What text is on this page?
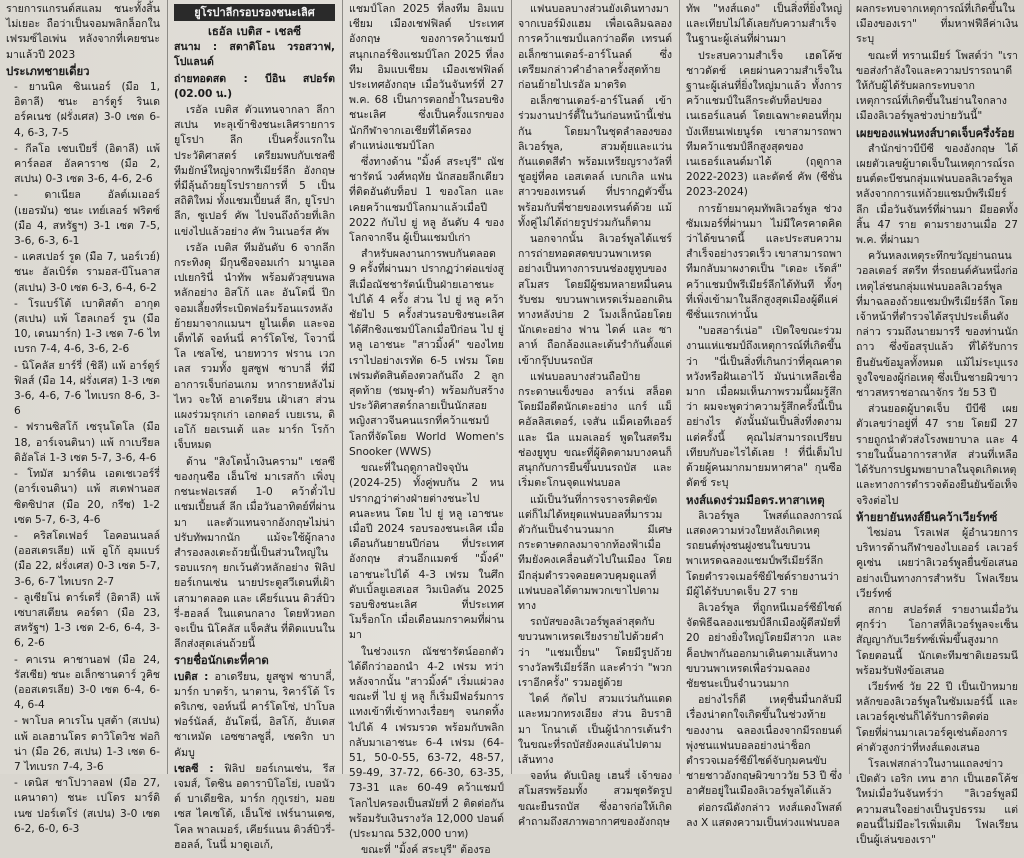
รายการแกรนด์สแลม ชนะทั้งสิ้นไม่เยอะ ถือว่าเป็นจอมพลิกล็อกในเฟรมซ์ไอเพ่น หลังจากที่เคยชนะมาแล้วปี 2023

ประเภทชายเดี่ยว

- ยานนิค ซินเนอร์ (มือ 1, อิตาลี) ชนะ อาร์ตูร์ รินเดอร์คเนช (ฝรั่งเศส) 3-0 เซต 6-4, 6-3, 7-5

- กีลโอ เซบเปียรี่ (อิตาลี) แพ้ คาร์ลอส อัลคาราซ (มือ 2, สเปน) 0-3 เซต 3-6, 4-6, 2-6

- ดาเนียล อัลต์เมเออร์ (เยอรมัน) ชนะ เทย์เลอร์ ฟริตซ์ (มือ 4, สหรัฐฯ) 3-1 เซต 7-5, 3-6, 6-3, 6-1

- แคสเปอร์ รูด (มือ 7, นอร์เวย์) ชนะ อัลเบิร์ต รามอส-บีโนลาส (สเปน) 3-0 เซต 6-3, 6-4, 6-2

- โรแบร์โต้ เบาติสต้า อากุต (สเปน) แพ้ โฮลเกอร์ รูน (มือ 10, เดนมาร์ก) 1-3 เซต 7-6 ไทเบรก 7-4, 4-6, 3-6, 2-6

- นิโคลัส ยาร์รี่ (ชิลี) แพ้ อาร์ตูร์ ฟิลส์ (มือ 14, ฝรั่งเศส) 1-3 เซต 3-6, 4-6, 7-6 ไทเบรก 8-6, 3-6

- ฟรานซิสโก้ เซรุนโดโล (มือ 18, อาร์เจนตินา) แพ้ กาเบรียล ดิอัลโล่ 1-3 เซต 5-7, 3-6, 4-6

- โทมัส มาร์ติน เอตเชเวอร์รี่ (อาร์เจนตินา) แพ้ สเตฟานอส ซิตซิปาส (มือ 20, กรีซ) 1-2 เซต 5-7, 6-3, 4-6

- คริสโตเฟอร์ โอคอนเนลล์ (ออสเตรเลีย) แพ้ อูโก้ อุมแบร์ (มือ 22, ฝรั่งเศส) 0-3 เซต 5-7, 3-6, 6-7 ไทเบรก 2-7

- ลูเซียโน่ ดาร์เดรี่ (อิตาลี) แพ้ เซบาสเตียน คอร์ดา (มือ 23, สหรัฐฯ) 1-3 เซต 2-6, 6-4, 3-6, 2-6

- คาเรน คาชานอฟ (มือ 24, รัสเซีย) ชนะ อเล็กซานดาร์ วูคิช (ออสเตรเลีย) 3-0 เซต 6-4, 6-4, 6-4

- พาโบล คาเรโน บุสต้า (สเปน) แพ้ อเลฮานโดร ดาวิโดวิช ฟอกิน่า (มือ 26, สเปน) 1-3 เซต 6-7 ไทเบรก 7-4, 3-6

- เดนิส ชาโปวาลอฟ (มือ 27, แคนาดา) ชนะ เปโดร มาร์ติเนซ ปอร์เตโร่ (สเปน) 3-0 เซต 6-2, 6-0, 6-3

ยูโรปาลีกรอบรองชนะเลิศ

เธอัล เบติส - เชลซี

สนาม : สตาดิโอน วรอสวาฟ, โปแลนด์

ถ่ายทอดสด : บีอิน สปอร์ต (02.00 น.)

เรอัล เบติส ตัวแทนจากลา ลีกา สเปน ทะลุเข้าชิงชนะเลิศรายการยูโรปา ลีก เป็นครั้งแรกในประวัติศาสตร์ เตรียมพบกับเชลซี ทีมยักษ์ใหญ่จากพรีเมียร์ลีก อังกฤษ ที่มีลุ้นถ้วยยุโรปรายการที่ 5 เป็นสถิติใหม่ ทั้งแชมเปี้ยนส์ ลีก, ยูโรปา ลีก, ซูเปอร์ คัพ ไปจนถึงถ้วยที่เลิกแข่งไปแล้วอย่าง คัพ วินเนอร์ส คัพ

เรอัล เบติส ทีมอันดับ 6 จากลีกกระทิงดุ มีกุนซือจอมเก๋า มานูเอล เปเยกรินี่ นำทัพ พร้อมตัวสุขนพลหลักอย่าง อิสโก้ และ อันโตนี่ ปีกจอมเลี้ยงที่ระเบิดฟอร์มร้อนแรงหลังย้ายมาจากแมนฯ ยูไนเต็ด และจอเด็ทได้ จอห์นนี่ คาร์โดโซ่, โจวานี่ โล เซลโซ่, นายทวาร ฟราน เวกเลส รวมทั้ง ยูสซูฟ ซาบาลี่ ที่มีอาการเจ็บก่อนเกม หากรายหลังไม่ไหว จะให้ อาเดรียน เฝ้าเสา ส่วนแผงร่วมรุกเก่า เอกตอร์ เบยเรน, ดิเอโก้ ยอเรนเต้ และ มาร์ก โรก้า เจ็บหมด

ด้าน "สิงโตน้ำเงินคราม" เชลซี ของกุนซือ เอ็นโซ่ มาเรสก้า เพิ่งบุกชนะฟอเรสต์ 1-0 คว้าตั๋วไปแชมเปี้ยนส์ ลีก เมื่อวันอาทิตย์ที่ผ่านมา และตัวแทนจากอังกฤษไม่น่าปรับทัพมากนัก แม้จะใช้ผู้กลางสำรองลงเตะถ้วยนี้เป็นส่วนใหญ่ในรอบแรกๆ ยกเว้นตัวหลักอย่าง ฟิลิป ยอร์เกนเซ่น นายประตูสวีเดนที่เฝ้าเสามาตลอด และ เคียร์แนน ดิวส์บิวรี่-ฮอลล์ ในแดนกลาง โดยหัวหอกจะเป็น นิโคลัส แจ็คสัน ที่ติดแบนในลีกส่งสุดเล่นถ้วยนี้

รายชื่อนักเตะที่คาด

เบติส : อาเดรียน, ยูสซูฟ ซาบาลี่, มาร์ก บาตร้า, นาตาน, ริคาร์โด้ โรดริเกซ, จอห์นนี่ คาร์โดโซ่, ปาโบล ฟอร์นัลส์, อันโตนี่, อิสโก้, อับเดสซาเหมัด เอซซาลซูลี่, เซดริก บาคัมบู

เชลซี : ฟิลิป ยอร์เกนเซ่น, รีส เจมส์, โตซิน อดาราบิโอโย่, เบอนัวต์ บาเดียชิล, มาร์ก กุกูเรย่า, มอยเซส ไคเซโด้, เอ็นโซ่ เฟร์นานเดซ, โคล พาลเมอร์, เคียร์แนน ดิวส์บิวรี่-ฮอลล์, โนนี่ มาดูเอเก้,

แชมป์โลก 2025 ที่ลงทีม อิมแบเชียม เมืองเชฟฟิลด์ ประเทศอังกฤษ ของการคว้าแชมป์สนุกเกอร์ชิงแชมป์โลก 2025 ที่ลงทีม อิมแบเชียม เมืองเชฟฟิลด์ ประเทศอังกฤษ เมื่อวันจันทร์ที่ 27 พ.ค. 68 เป็นการตอกย้ำในรอบชิงชนะเลิศ ซึ่งเป็นครั้งแรกของนักกีฬาจากเอเชียที่ได้ครองตำแหน่งแชมป์โลก

ซึ่งทางด้าน "มิ้งค์ สระบุรี" ณัชชารัตน์ วงศ์หฤทัย นักสอยลีกเดียวที่ติดอันดับท็อป 1 ของโลก และเคยคว้าแชมป์โลกมาแล้วเมื่อปี 2022 กับไป ยู่ หลู อันดับ 4 ของโลกจากจีน ผู้เป็นแชมป์เก่า

สำหรับผลงานการพบกันตลอด 9 ครั้งที่ผ่านมา ปรากฏว่าต่อแข่งสูสีเมื่อณัชชารัตน์เป็นฝ่ายเอาชนะไปได้ 4 ครั้ง ส่วน ไป ยู่ หลู คว้าชัยไป 5 ครั้งส่วนรอบชิงชนะเลิศได้ศึกชิงแชมป์โลกเมื่อปีก่อน ไป ยู่ หลู เอาชนะ "สาวมิ้งค์" ของไทยเราไปอย่างเรทัด 6-5 เฟรม โดยเฟรมตัดสินต้องตวลกันถึง 2 ลูกสุดท้าย (ชมพู-ดำ) พร้อมกับสร้างประวัติศาสตร์กลายเป็นนักสอยหญิงสาวจีนคนแรกที่คว้าแชมป์โลกที่จัดโดย World Women's Snooker (WWS)

ขณะที่ในฤดูกาลปัจจุบัน (2024-25) ทั้งคู่พบกัน 2 หน ปรากฏว่าต่างฝ่ายต่างชนะไปคนละหน โดย ไป ยู่ หลู เอาชนะเมื่อปี 2024 รอบรองชนะเลิศ เมื่อเดือนกันยายนปีก่อน ที่ประเทศอังกฤษ ส่วนอีกแมตช์ "มิ้งค์" เอาชนะไปได้ 4-3 เฟรม ในศึกดับเบิ้ลยูเอสเอส วิมเบิลดัน 2025 รอบชิงชนะเลิศ ที่ประเทศโมร็อกโก เมื่อเดือนมกราคมที่ผ่านมา

ในช่วงแรก ณัชชารัตน์ออกตัวได้ดีกว่าออกนำ 4-2 เฟรม ทว่าหลังจากนั้น "สาวมิ้งค์" เริ่มแผ่วลง ขณะที่ ไป ยู่ หลู ก็เริ่มมีฟอร์มการแทงเข้าที่เข้าทางเรื่อยๆ จนกดทิ้งไปได้ 4 เฟรมรวด พร้อมกับพลิกกลับมาเอาชนะ 6-4 เฟรม (64-51, 50-0-55, 63-72, 48-57, 59-49, 37-72, 66-30, 63-35, 73-31 และ 60-49 คว้าแชมป์โลกไปครองเป็นสมัยที่ 2 ติดต่อกัน พร้อมรับเงินรางวัล 12,000 ปอนด์ (ประมาณ 532,000 บาท)

ขณะที่ "มิ้งค์ สระบุรี" ต้องรอ

แฟนบอลบางส่วนยังเดินทางมาจากเบอร์มิงแฮม เพื่อเฉลิมฉลองการคว้าแชมป์แลกว่าอดีต เทรนต์ อเล็กซานเดอร์-อาร์โนลด์ ซึ่งเตรียมกล่าวคำอำลาครั้งสุดท้ายก่อนย้ายไปเรอัล มาดริด

อเล็กซานเดอร์-อาร์โนลด์ เข้าร่วมงานปาร์ตี้ในวันก่อนหน้านี้เช่นกัน โดยมาในชุดลำลองของลิเวอร์พูล, สวมตุ้ยและแว่นกันแดดสีดำ พร้อมเหรียญรางวัลที่ชูอยู่ที่คอ เอสเตลล์ เบกเกิล แฟนสาวของเทรนต์ ที่ปรากฏตัวขึ้นพร้อมกับพี่ชายของเทรนต์ด้วย แม้ทั้งคู่ไม่ได้ถ่ายรูปร่วมกันก็ตาม

นอกจากนั้น ลิเวอร์พูลได้แชร์การถ่ายทอดสดขบวนพาเหรดอย่างเป็นทางการบนช่องยูทูบของสโมสร โดยมีผู้ชมหลายหมื่นคนรับชม ขบวนพาเหรดเริ่มออกเดินทางหลังบ่าย 2 โมงเล็กน้อยโดยนักเตะอย่าง ฟาน ไดค์ และ ซาลาห์ ถือกล้องและเต้นรำกันตั้งแต่เข้ากรุ๊ปบนรถบัส

แฟนบอลบางส่วนถือป้ายกระดาษแข็งของ ลาร์เน่ สล็อต โดยมีอดีตนักเตะอย่าง แกร์ แม็คอัลลิสเตอร์, เจสัน แม็คเอทีเออร์ และ นีล แมลเลอร์ พูดในสตรีมช่องยูทูบ ขณะที่ผู้ติดตามบางคนก็สนุกกับการยืนขึ้นบนรถบัส และเริ่มตะโกนจุดแฟนบอล

แม้เป็นวันที่การจราจรติดขัด แต่ก็ไม่ได้หยุดแฟนบอลที่มารวมตัวกันเป็นจำนวนมาก มีเศษกระดาษตกลงมาจากท้องฟ้าเมื่อทีมยังคงเคลื่อนตัวไปในเมือง โดยมีกลุ่มตำรวจคอยควบคุมดูแลที่แฟนบอลได้ตามพวกเขาไปตามทาง

รถบัสของลิเวอร์พูลล่าสุดกับขบวนพาเหรดเรียงรายไปด้วยคำว่า "แชมเปี้ยน" โดยมีรูปถ้วยรางวัลพรีเมียร์ลีก และคำว่า "พวกเราอีกครั้ง" รวมอยู่ด้วย

ไดค์ กัดไป สวมแว่นกันแดด และหมวกทรงเอียง ส่วน อิบราฮิมา โกนาเต้ เป็นผู้นำการเต้นรำ ในขณะที่รถบัสยังคงแล่นไปตามเส้นทาง

จอห์น ดับเบิลยู เฮนรี่ เจ้าของสโมสรพร้อมทั้ง สวมชุดรัดรูป ขณะยืนรถบัส ซึ่งอาจก่อให้เกิดคำถามถึงสภาพอากาศของอังกฤษ

ทัพ "หงส์แดง" เป็นสิ่งที่ยิ่งใหญ่ และเทียบไม่ได้เลยกับความสำเร็จในฐานะผู้เล่นที่ผ่านมา

ประสบความสำเร็จ เฮดโค้ชชาวดัตช์ เคยผ่านความสำเร็จในฐานะผู้เล่นที่ยิ่งใหญ่มาแล้ว ทั้งการคว้าแชมป์ในลีกระดับท็อปของเนเธอร์แลนด์ โดยเฉพาะตอนที่กุมบังเหียนเฟเยนูร์ด เขาสามารถพาทีมคว้าแชมป์ลีกสูงสุดของเนเธอร์แลนด์มาได้ (ฤดูกาล 2022-2023) และดัตช์ คัพ (ซีซั่น 2023-2024)

การย้ายมาคุมทัพลิเวอร์พูล ช่วงซัมเมอร์ที่ผ่านมา ไม่มีใครคาดคิดว่าได้ขนาดนี้ และประสบความสำเร็จอย่างรวดเร็ว เขาสามารถพาทีมกลับมาผงาดเป็น "เดอะ เร้ดส์" คว้าแชมป์พรีเมียร์ลีกได้ทันที ทั้งๆ ที่เพิ่งเข้ามาในลีกสูงสุดเมืองผู้ดีแค่ซีซั่นแรกเท่านั้น

"บอสอาร์เน่อ" เปิดใจขณะร่วมงานแห่แชมป์ถึงเหตุการณ์ที่เกิดขึ้นว่า "นี่เป็นสิ่งที่เกินกว่าที่คุณคาดหวังหรือฝันเอาไว้ มันน่าเหลือเชื่อมาก เมื่อผมเห็นภาพรวมนี้ผมรู้สึกว่า ผมจะพูดว่าความรู้สึกครั้งนี้เป็นอย่างไร ดังนั้นมันเป็นสิ่งที่งดงาม แต่ครั้งนี้ คุณไม่สามารถเปรียบเทียบกับอะไรได้เลย ! ที่นี่เต็มไปด้วยผู้คนมากมายมหาศาล" กุนซือดัตช์ ระบุ

หงส์แดงร่วมมือตร.หาสาเหตุ

ลิเวอร์พูล โพสต์แถลงการณ์แสดงความห่วงใยหลังเกิดเหตุรถยนต์พุ่งชนฝูงชนในขบวนพาเหรดฉลองแชมป์พรีเมียร์ลีก โดยตำรวจเมอร์ซีย์ไซด์รายงานว่า มีผู้ได้รับบาดเจ็บ 27 ราย

ลิเวอร์พูล ที่ถูกหนีเมอร์ซีย์ไซด์จัดพิธีฉลองแชมป์ลีกเมืองผู้ดีสมัยที่ 20 อย่างยิ่งใหญ่โดยมีสาวก และ ค็อปพากันออกมาเดินตามเส้นทางขบวนพาเหรดเพื่อร่วมฉลองชัยชนะเป็นจำนวนมาก

อย่างไรก็ดี เหตุชื่นมื่นกลับมีเรื่องน่าตกใจเกิดขึ้นในช่วงท้ายของงาน ฉลองเนื่องจากมีรถยนต์พุ่งชนแฟนบอลอย่างน่าช็อก ตำรวจเมอร์ซีย์ไซด์จับกุมคนขับชายชาวอังกฤษผิวขาววัย 53 ปี ซึ่งอาศัยอยู่ในเมืองลิเวอร์พูลได้แล้ว

ต่อกรณีดังกล่าว หงส์แดงโพสต์ลง X แสดงความเป็นห่วงแฟนบอล

ผลกระทบจากเหตุการณ์ที่เกิดขึ้นในเมืองของเรา" ที่มหาฟฟีลีค่าเงิน ระบุ

ขณะที่ ทรานเมียร์ โพสต์ว่า "เราขอส่งกำลังใจและความปรารถนาดีให้กับผู้ได้รับผลกระทบจากเหตุการณ์ที่เกิดขึ้นในย่านใจกลางเมืองลิเวอร์พูลช่วงบ่ายวันนี้"

เผยของแฟนหงส์บาดเจ็บครึ่งร้อย

สำนักข่าวบีบีซี ของอังกฤษ ได้เผยตัวเลขผู้บาดเจ็บในเหตุการณ์รถยนต์ตะบีชนกลุ่มแฟนบอลลิเวอร์พูล หลังจากการแห่ถ้วยแชมป์พรีเมียร์ลีก เมื่อวันจันทร์ที่ผ่านมา มียอดทั้งสิ้น 47 ราย ตามรายงานเมื่อ 27 พ.ค. ที่ผ่านมา

ควันหลงเหตุระทึกขวัญย่านถนนวอลเตอร์ สตรีท ที่รถยนต์คันหนึ่งก่อเหตุไล่ชนกลุ่มแฟนบอลลิเวอร์พูลที่มาฉลองถ้วยแชมป์พรีเมียร์ลีก โดยเจ้าหน้าที่ตำรวจได้สรุปประเด็นดังกล่าว รวมถึงนายมารรี ของท่านนักถาว ซึ่งข้อสรุปแล้ว ที่ได้รับการยืนยันข้อมูลทั้งหมด แม้ไม่ระบุแรงจูงใจของผู้ก่อเหตุ ซึ่งเป็นชายผิวขาวชาวสหราชอาณาจักร วัย 53 ปี

ส่วนยอดผู้บาดเจ็บ บีบีซี เผยตัวเลขว่าอยู่ที่ 47 ราย โดยมี 27 รายถูกนำตัวส่งโรงพยาบาล และ 4 รายในนั้นอาการสาหัส ส่วนที่เหลือได้รับการปฐมพยาบาลในจุดเกิดเหตุ และทางการตำรวจต้องยืนยันข้อเท็จจริงต่อไป

ห้ายยายันหงส์ยืนคว้าเวียร์ทซ์

ไซม่อน โรลเฟส ผู้อำนวยการบริหารด้านกีฬาของไบเออร์ เลเวอร์คูเซ่น เผยว่าลิเวอร์พูลยื่นข้อเสนออย่างเป็นทางการสำหรับ โฟลเรียน เวียร์ทซ์

สกาย สปอร์ตส์ รายงานเมื่อวันศุกร์ว่า โอกาสที่ลิเวอร์พูลจะเซ็นสัญญากับเวียร์ทซ์เพิ่มขึ้นสูงมาก โดยตอนนี้ นักเตะทีมชาติเยอรมนีพร้อมรับฟังข้อเสนอ

เวียร์ทซ์ วัย 22 ปี เป็นเป้าหมายหลักของลิเวอร์พูลในซัมเมอร์นี้ และเลเวอร์คูเซ่นก็ได้รับการติดต่อ โดยที่ผ่านมาเลเวอร์คูเซ่นต้องการค่าตัวสูงกว่าที่หงส์แดงเสนอ

โรลเฟสกล่าวในงานแถลงข่าวเปิดตัว เอริก เทน ฮาก เป็นเฮดโค้ชใหม่เมื่อวันจันทร์ว่า "ลิเวอร์พูลมีความสนใจอย่างเป็นรูปธรรม แต่ตอนนี้ไม่มีอะไรเพิ่มเติม โฟลเรียนเป็นผู้เล่นของเรา"
